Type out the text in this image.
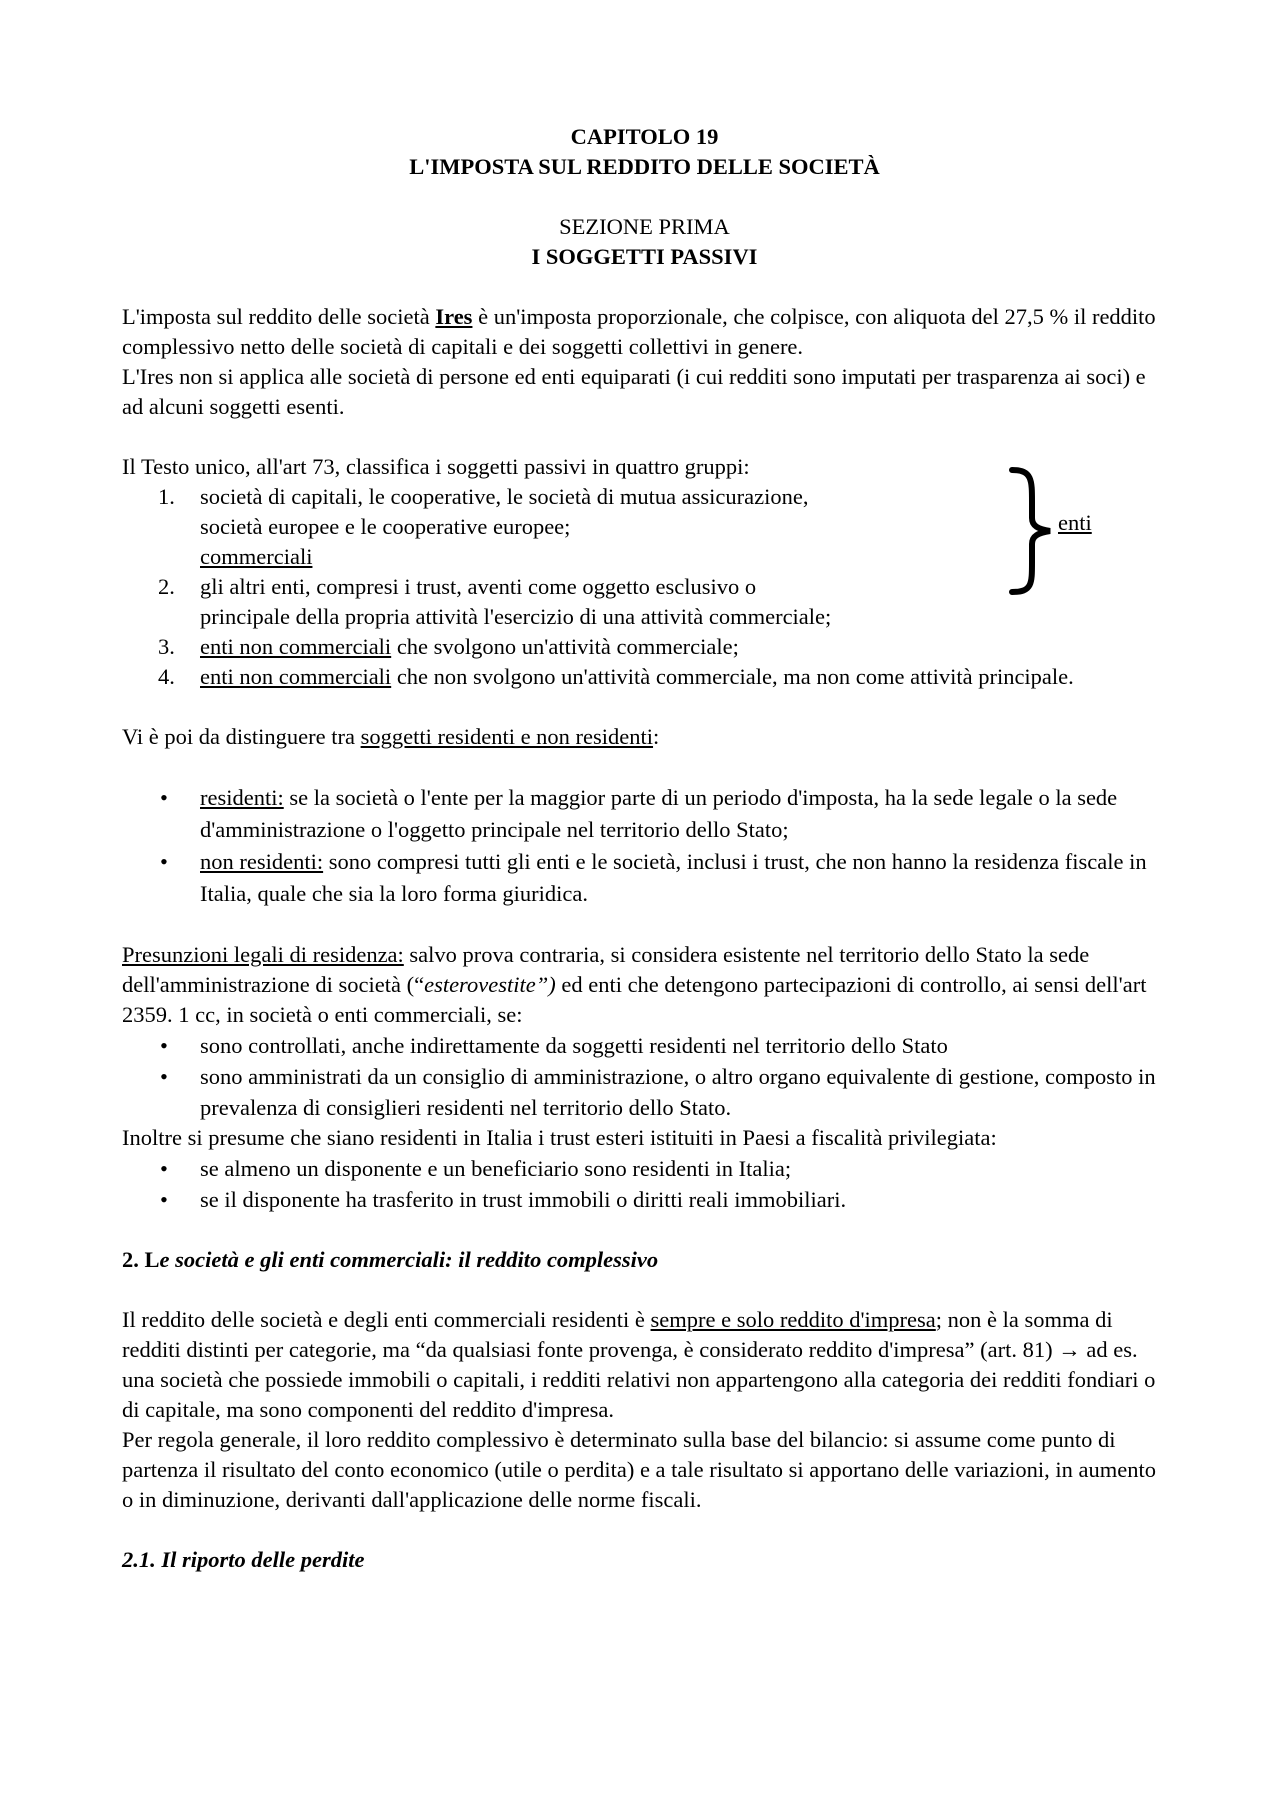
CAPITOLO 19

L'IMPOSTA SUL REDDITO DELLE SOCIETÀ

SEZIONE PRIMA

I SOGGETTI PASSIVI

L'imposta sul reddito delle società Ires è un'imposta proporzionale, che colpisce, con aliquota del 27,5 % il reddito complessivo netto delle società di capitali e dei soggetti collettivi in genere.

L'Ires non si applica alle società di persone ed enti equiparati (i cui redditi sono imputati per trasparenza ai soci) e ad alcuni soggetti esenti.

Il Testo unico, all'art 73, classifica i soggetti passivi in quattro gruppi:

1.	società di capitali, le cooperative, le società di mutua assicurazione,
società europee e le cooperative europee;
commerciali
2.	gli altri enti, compresi i trust, aventi come oggetto esclusivo o
principale della propria attività l'esercizio di una attività commerciale;
3.	enti non commerciali che svolgono un'attività commerciale;
4.	enti non commerciali che non svolgono un'attività commerciale, ma non come attività principale.

Vi è poi da distinguere tra soggetti residenti e non residenti:

• residenti: se la società o l'ente per la maggior parte di un periodo d'imposta, ha la sede legale o la sede d'amministrazione o l'oggetto principale nel territorio dello Stato;
• non residenti: sono compresi tutti gli enti e le società, inclusi i trust, che non hanno la residenza fiscale in Italia, quale che sia la loro forma giuridica.

Presunzioni legali di residenza: salvo prova contraria, si considera esistente nel territorio dello Stato la sede dell'amministrazione di società (“esterovestite”) ed enti che detengono partecipazioni di controllo, ai sensi dell'art 2359. 1 cc, in società o enti commerciali, se:

• sono controllati, anche indirettamente da soggetti residenti nel territorio dello Stato
• sono amministrati da un consiglio di amministrazione, o altro organo equivalente di gestione, composto in prevalenza di consiglieri residenti nel territorio dello Stato.

Inoltre si presume che siano residenti in Italia i trust esteri istituiti in Paesi a fiscalità privilegiata:

• se almeno un disponente e un beneficiario sono residenti in Italia;
• se il disponente ha trasferito in trust immobili o diritti reali immobiliari.

2. Le società e gli enti commerciali: il reddito complessivo

Il reddito delle società e degli enti commerciali residenti è sempre e solo reddito d'impresa; non è la somma di redditi distinti per categorie, ma “da qualsiasi fonte provenga, è considerato reddito d'impresa” (art. 81) → ad es. una società che possiede immobili o capitali, i redditi relativi non appartengono alla categoria dei redditi fondiari o di capitale, ma sono componenti del reddito d'impresa.

Per regola generale, il loro reddito complessivo è determinato sulla base del bilancio: si assume come punto di partenza il risultato del conto economico (utile o perdita) e a tale risultato si apportano delle variazioni, in aumento o in diminuzione, derivanti dall'applicazione delle norme fiscali.

2.1. Il riporto delle perdite

enti
